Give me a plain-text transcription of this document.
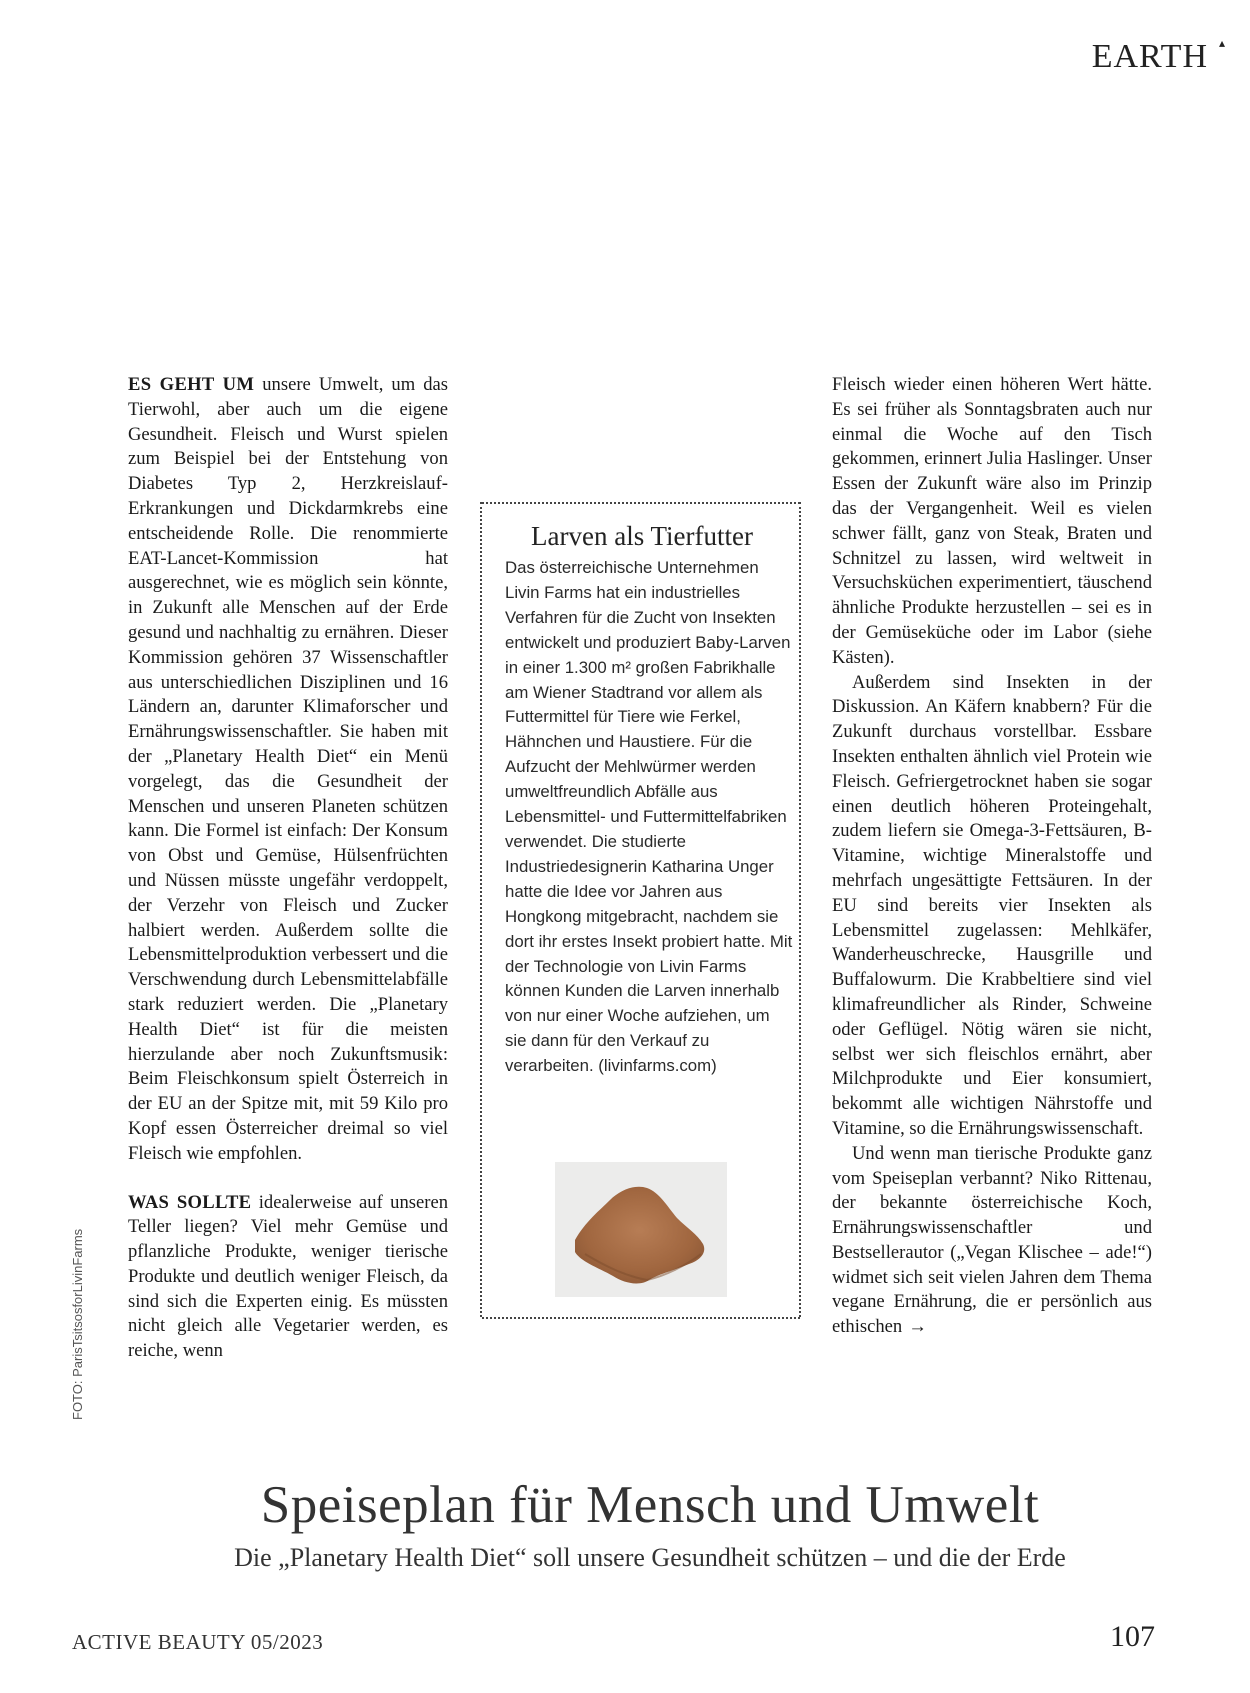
EARTH ▴

ES GEHT UM unsere Umwelt, um das Tierwohl, aber auch um die eigene Gesundheit. Fleisch und Wurst spielen zum Beispiel bei der Entstehung von Diabetes Typ 2, Herzkreislauf-Erkrankungen und Dickdarmkrebs eine entscheidende Rolle. Die renommierte EAT-Lancet-Kommission hat ausgerechnet, wie es möglich sein könnte, in Zukunft alle Menschen auf der Erde gesund und nachhaltig zu ernähren. Dieser Kommission gehören 37 Wissenschaftler aus unterschiedlichen Disziplinen und 16 Ländern an, darunter Klimaforscher und Ernährungswissenschaftler. Sie haben mit der „Planetary Health Diet“ ein Menü vorgelegt, das die Gesundheit der Menschen und unseren Planeten schützen kann. Die Formel ist einfach: Der Konsum von Obst und Gemüse, Hülsenfrüchten und Nüssen müsste ungefähr verdoppelt, der Verzehr von Fleisch und Zucker halbiert werden. Außerdem sollte die Lebensmittelproduktion verbessert und die Verschwendung durch Lebensmittelabfälle stark reduziert werden. Die „Planetary Health Diet“ ist für die meisten hierzulande aber noch Zukunftsmusik: Beim Fleischkonsum spielt Österreich in der EU an der Spitze mit, mit 59 Kilo pro Kopf essen Österreicher dreimal so viel Fleisch wie empfohlen.

WAS SOLLTE idealerweise auf unseren Teller liegen? Viel mehr Gemüse und pflanzliche Produkte, weniger tierische Produkte und deutlich weniger Fleisch, da sind sich die Experten einig. Es müssten nicht gleich alle Vegetarier werden, es reiche, wenn

Larven als Tierfutter

Das österreichische Unternehmen Livin Farms hat ein industrielles Verfahren für die Zucht von Insekten entwickelt und produziert Baby-Larven in einer 1.300 m² großen Fabrikhalle am Wiener Stadtrand vor allem als Futtermittel für Tiere wie Ferkel, Hähnchen und Haustiere. Für die Aufzucht der Mehlwürmer werden umweltfreundlich Abfälle aus Lebensmittel- und Futtermittelfabriken verwendet. Die studierte Industriedesignerin Katharina Unger hatte die Idee vor Jahren aus Hongkong mitgebracht, nachdem sie dort ihr erstes Insekt probiert hatte. Mit der Technologie von Livin Farms können Kunden die Larven innerhalb von nur einer Woche aufziehen, um sie dann für den Verkauf zu verarbeiten. (livinfarms.com)

Fleisch wieder einen höheren Wert hätte. Es sei früher als Sonntagsbraten auch nur einmal die Woche auf den Tisch gekommen, erinnert Julia Haslinger. Unser Essen der Zukunft wäre also im Prinzip das der Vergangenheit. Weil es vielen schwer fällt, ganz von Steak, Braten und Schnitzel zu lassen, wird weltweit in Versuchsküchen experimentiert, täuschend ähnliche Produkte herzustellen – sei es in der Gemüseküche oder im Labor (siehe Kästen).

Außerdem sind Insekten in der Diskussion. An Käfern knabbern? Für die Zukunft durchaus vorstellbar. Essbare Insekten enthalten ähnlich viel Protein wie Fleisch. Gefriergetrocknet haben sie sogar einen deutlich höheren Proteingehalt, zudem liefern sie Omega-3-Fettsäuren, B-Vitamine, wichtige Mineralstoffe und mehrfach ungesättigte Fettsäuren. In der EU sind bereits vier Insekten als Lebensmittel zugelassen: Mehlkäfer, Wanderheuschrecke, Hausgrille und Buffalowurm. Die Krabbeltiere sind viel klimafreundlicher als Rinder, Schweine oder Geflügel. Nötig wären sie nicht, selbst wer sich fleischlos ernährt, aber Milchprodukte und Eier konsumiert, bekommt alle wichtigen Nährstoffe und Vitamine, so die Ernährungswissenschaft.

Und wenn man tierische Produkte ganz vom Speiseplan verbannt? Niko Rittenau, der bekannte österreichische Koch, Ernährungswissenschaftler und Bestsellerautor („Vegan Klischee – ade!“) widmet sich seit vielen Jahren dem Thema vegane Ernährung, die er persönlich aus ethischen →

Speiseplan für Mensch und Umwelt
Die „Planetary Health Diet“ soll unsere Gesundheit schützen – und die der Erde
FOTO: ParisTsitsosforLivinFarms
ACTIVE BEAUTY 05/2023	107
